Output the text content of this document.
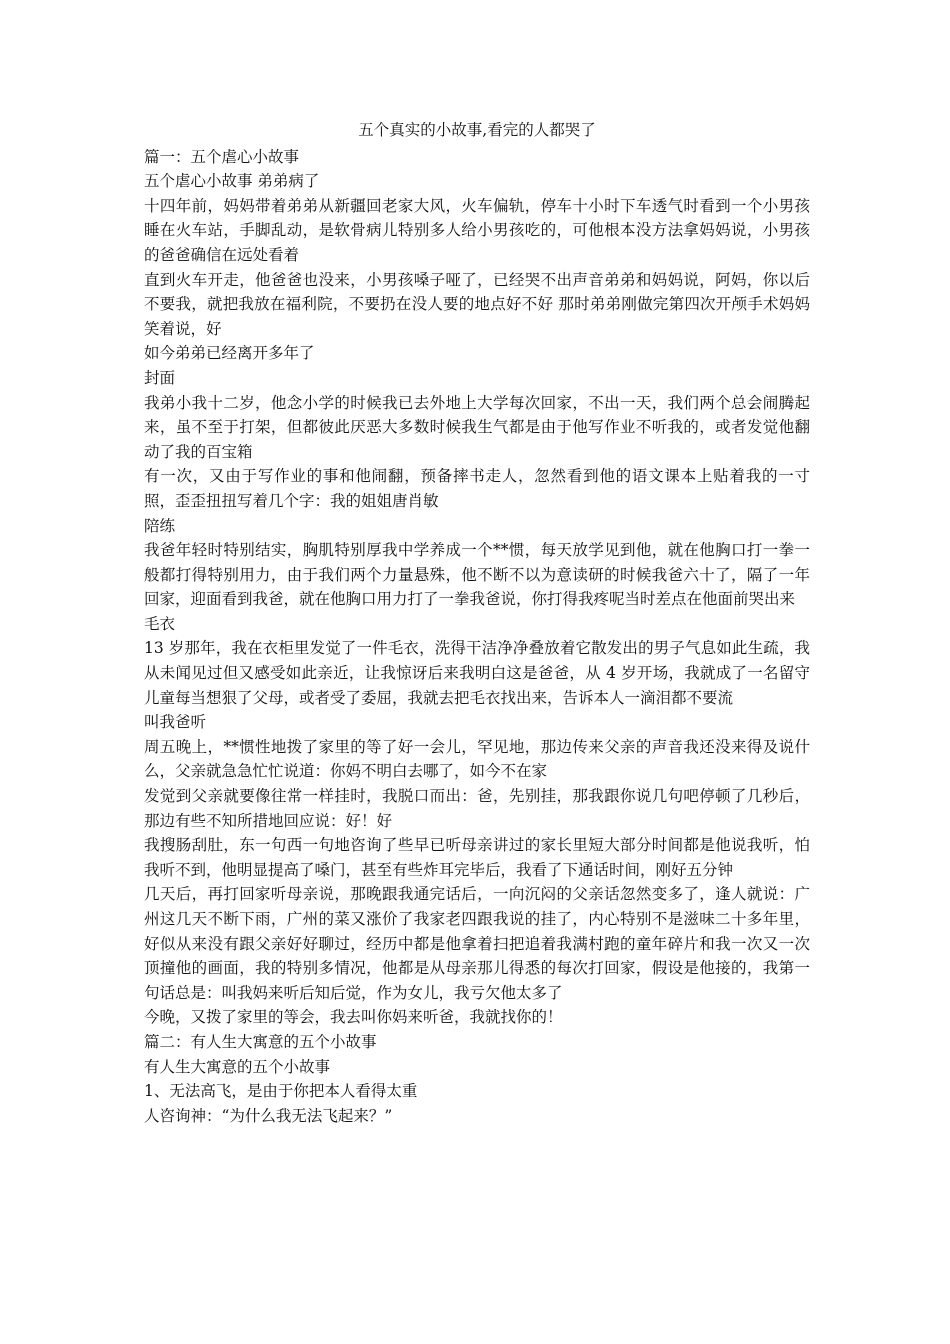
五个真实的小故事,看完的人都哭了

篇一：五个虐心小故事

五个虐心小故事 弟弟病了

十四年前，妈妈带着弟弟从新疆回老家大风，火车偏轨，停车十小时下车透气时看到一个小男孩睡在火车站，手脚乱动，是软骨病儿特别多人给小男孩吃的，可他根本没方法拿妈妈说，小男孩的爸爸确信在远处看着

直到火车开走，他爸爸也没来，小男孩嗓子哑了，已经哭不出声音弟弟和妈妈说，阿妈，你以后不要我，就把我放在福利院，不要扔在没人要的地点好不好 那时弟弟刚做完第四次开颅手术妈妈笑着说，好

如今弟弟已经离开多年了

封面

我弟小我十二岁，他念小学的时候我已去外地上大学每次回家，不出一天，我们两个总会闹腾起来，虽不至于打架，但都彼此厌恶大多数时候我生气都是由于他写作业不听我的，或者发觉他翻动了我的百宝箱

有一次，又由于写作业的事和他闹翻，预备摔书走人，忽然看到他的语文课本上贴着我的一寸照，歪歪扭扭写着几个字：我的姐姐唐肖敏

陪练

我爸年轻时特别结实，胸肌特别厚我中学养成一个**惯，每天放学见到他，就在他胸口打一拳一般都打得特别用力，由于我们两个力量悬殊，他不断不以为意读研的时候我爸六十了，隔了一年回家，迎面看到我爸，就在他胸口用力打了一拳我爸说，你打得我疼呢当时差点在他面前哭出来

毛衣

13 岁那年，我在衣柜里发觉了一件毛衣，洗得干洁净净叠放着它散发出的男子气息如此生疏，我从未闻见过但又感受如此亲近，让我惊讶后来我明白这是爸爸，从 4 岁开场，我就成了一名留守儿童每当想狠了父母，或者受了委屈，我就去把毛衣找出来，告诉本人一滴泪都不要流

叫我爸听

周五晚上，**惯性地拨了家里的等了好一会儿，罕见地，那边传来父亲的声音我还没来得及说什么，父亲就急急忙忙说道：你妈不明白去哪了，如今不在家

发觉到父亲就要像往常一样挂时，我脱口而出：爸，先别挂，那我跟你说几句吧停顿了几秒后，那边有些不知所措地回应说：好！好

我搜肠刮肚，东一句西一句地咨询了些早已听母亲讲过的家长里短大部分时间都是他说我听，怕我听不到，他明显提高了嗓门，甚至有些炸耳完毕后，我看了下通话时间，刚好五分钟

几天后，再打回家听母亲说，那晚跟我通完话后，一向沉闷的父亲话忽然变多了，逢人就说：广州这几天不断下雨，广州的菜又涨价了我家老四跟我说的挂了，内心特别不是滋味二十多年里，好似从来没有跟父亲好好聊过，经历中都是他拿着扫把追着我满村跑的童年碎片和我一次又一次顶撞他的画面，我的特别多情况，他都是从母亲那儿得悉的每次打回家，假设是他接的，我第一句话总是：叫我妈来听后知后觉，作为女儿，我亏欠他太多了

今晚，又拨了家里的等会，我去叫你妈来听爸，我就找你的！

篇二：有人生大寓意的五个小故事

有人生大寓意的五个小故事

1、无法高飞，是由于你把本人看得太重

人咨询神：“为什么我无法飞起来？”
